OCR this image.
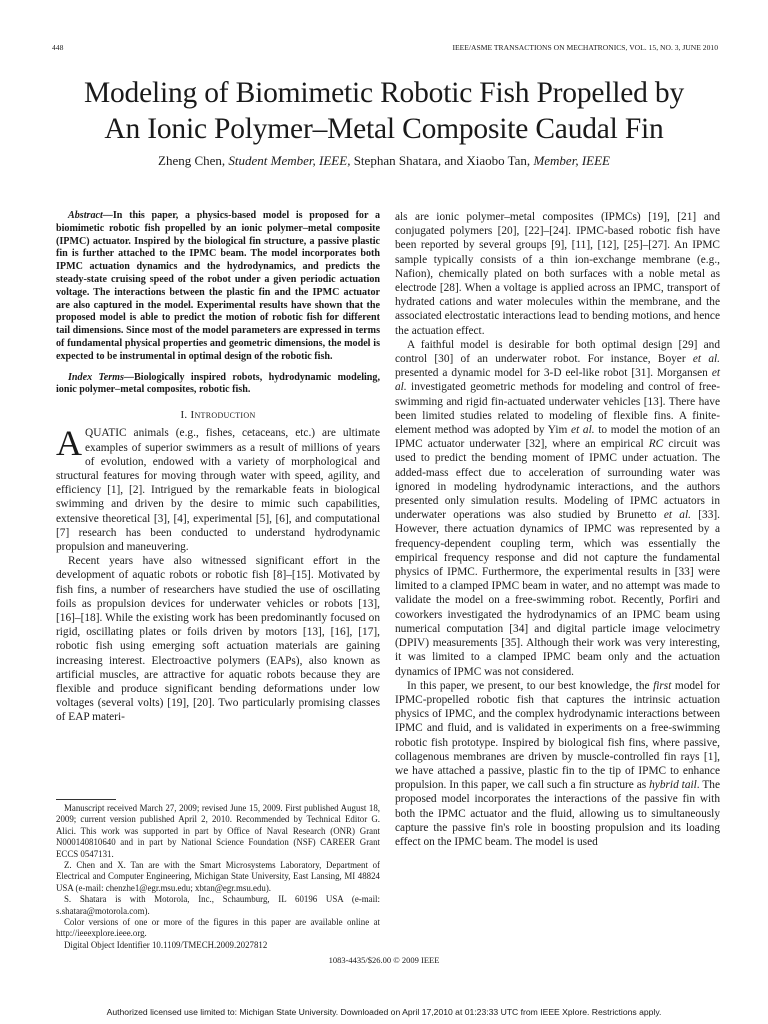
448	IEEE/ASME TRANSACTIONS ON MECHATRONICS, VOL. 15, NO. 3, JUNE 2010
Modeling of Biomimetic Robotic Fish Propelled by
An Ionic Polymer–Metal Composite Caudal Fin
Zheng Chen, Student Member, IEEE, Stephan Shatara, and Xiaobo Tan, Member, IEEE

Abstract—In this paper, a physics-based model is proposed for a biomimetic robotic fish propelled by an ionic polymer–metal composite (IPMC) actuator. Inspired by the biological fin structure, a passive plastic fin is further attached to the IPMC beam. The model incorporates both IPMC actuation dynamics and the hydrodynamics, and predicts the steady-state cruising speed of the robot under a given periodic actuation voltage. The interactions between the plastic fin and the IPMC actuator are also captured in the model. Experimental results have shown that the proposed model is able to predict the motion of robotic fish for different tail dimensions. Since most of the model parameters are expressed in terms of fundamental physical properties and geometric dimensions, the model is expected to be instrumental in optimal design of the robotic fish.

Index Terms—Biologically inspired robots, hydrodynamic modeling, ionic polymer–metal composites, robotic fish.

I. Introduction

AQUATIC animals (e.g., fishes, cetaceans, etc.) are ultimate examples of superior swimmers as a result of millions of years of evolution, endowed with a variety of morphological and structural features for moving through water with speed, agility, and efficiency [1], [2]. Intrigued by the remarkable feats in biological swimming and driven by the desire to mimic such capabilities, extensive theoretical [3], [4], experimental [5], [6], and computational [7] research has been conducted to understand hydrodynamic propulsion and maneuvering.

Recent years have also witnessed significant effort in the development of aquatic robots or robotic fish [8]–[15]. Motivated by fish fins, a number of researchers have studied the use of oscillating foils as propulsion devices for underwater vehicles or robots [13], [16]–[18]. While the existing work has been predominantly focused on rigid, oscillating plates or foils driven by motors [13], [16], [17], robotic fish using emerging soft actuation materials are gaining increasing interest. Electroactive polymers (EAPs), also known as artificial muscles, are attractive for aquatic robots because they are flexible and produce significant bending deformations under low voltages (several volts) [19], [20]. Two particularly promising classes of EAP materi-

Manuscript received March 27, 2009; revised June 15, 2009. First published August 18, 2009; current version published April 2, 2010. Recommended by Technical Editor G. Alici. This work was supported in part by Office of Naval Research (ONR) Grant N000140810640 and in part by National Science Foundation (NSF) CAREER Grant ECCS 0547131.

Z. Chen and X. Tan are with the Smart Microsystems Laboratory, Department of Electrical and Computer Engineering, Michigan State University, East Lansing, MI 48824 USA (e-mail: chenzhe1@egr.msu.edu; xbtan@egr.msu.edu).

S. Shatara is with Motorola, Inc., Schaumburg, IL 60196 USA (e-mail: s.shatara@motorola.com).

Color versions of one or more of the figures in this paper are available online at http://ieeexplore.ieee.org.

Digital Object Identifier 10.1109/TMECH.2009.2027812

als are ionic polymer–metal composites (IPMCs) [19], [21] and conjugated polymers [20], [22]–[24]. IPMC-based robotic fish have been reported by several groups [9], [11], [12], [25]–[27]. An IPMC sample typically consists of a thin ion-exchange membrane (e.g., Nafion), chemically plated on both surfaces with a noble metal as electrode [28]. When a voltage is applied across an IPMC, transport of hydrated cations and water molecules within the membrane, and the associated electrostatic interactions lead to bending motions, and hence the actuation effect.

A faithful model is desirable for both optimal design [29] and control [30] of an underwater robot. For instance, Boyer et al. presented a dynamic model for 3-D eel-like robot [31]. Morgansen et al. investigated geometric methods for modeling and control of free-swimming and rigid fin-actuated underwater vehicles [13]. There have been limited studies related to modeling of flexible fins. A finite-element method was adopted by Yim et al. to model the motion of an IPMC actuator underwater [32], where an empirical RC circuit was used to predict the bending moment of IPMC under actuation. The added-mass effect due to acceleration of surrounding water was ignored in modeling hydrodynamic interactions, and the authors presented only simulation results. Modeling of IPMC actuators in underwater operations was also studied by Brunetto et al. [33]. However, there actuation dynamics of IPMC was represented by a frequency-dependent coupling term, which was essentially the empirical frequency response and did not capture the fundamental physics of IPMC. Furthermore, the experimental results in [33] were limited to a clamped IPMC beam in water, and no attempt was made to validate the model on a free-swimming robot. Recently, Porfiri and coworkers investigated the hydrodynamics of an IPMC beam using numerical computation [34] and digital particle image velocimetry (DPIV) measurements [35]. Although their work was very interesting, it was limited to a clamped IPMC beam only and the actuation dynamics of IPMC was not considered.

In this paper, we present, to our best knowledge, the first model for IPMC-propelled robotic fish that captures the intrinsic actuation physics of IPMC, and the complex hydrodynamic interactions between IPMC and fluid, and is validated in experiments on a free-swimming robotic fish prototype. Inspired by biological fish fins, where passive, collagenous membranes are driven by muscle-controlled fin rays [1], we have attached a passive, plastic fin to the tip of IPMC to enhance propulsion. In this paper, we call such a fin structure as hybrid tail. The proposed model incorporates the interactions of the passive fin with both the IPMC actuator and the fluid, allowing us to simultaneously capture the passive fin's role in boosting propulsion and its loading effect on the IPMC beam. The model is used

1083-4435/$26.00 © 2009 IEEE
Authorized licensed use limited to: Michigan State University. Downloaded on April 17,2010 at 01:23:33 UTC from IEEE Xplore. Restrictions apply.
